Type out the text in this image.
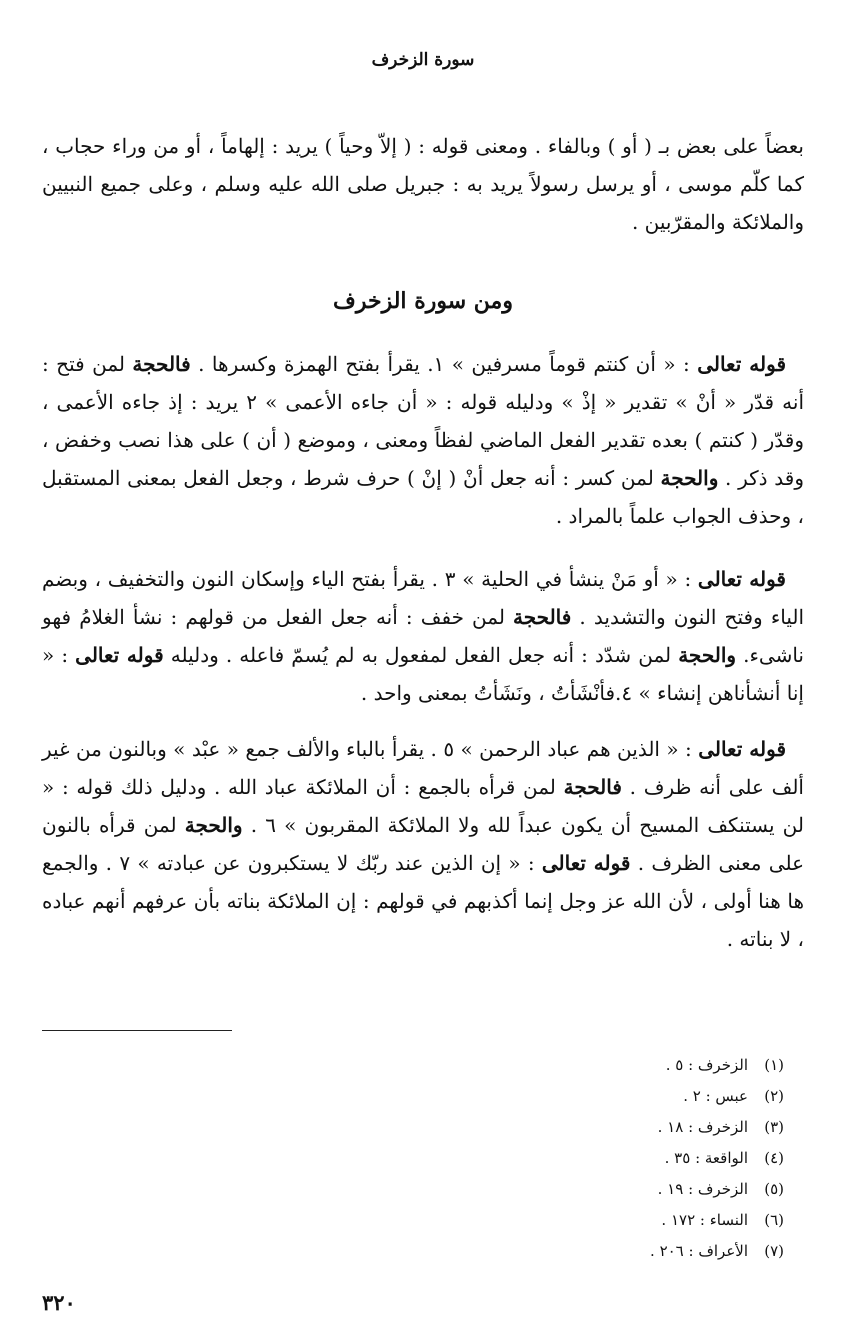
سورة الزخرف

بعضاً على بعض بـ ( أو ) وبالفاء . ومعنى قوله : ( إلاّ وحياً ) يريد : إلهاماً ، أو من وراء حجاب ، كما كلّم موسى ، أو يرسل رسولاً يريد به : جبريل صلى الله عليه وسلم ، وعلى جميع النبيين والملائكة والمقرّبين .

ومن سورة الزخرف

قوله تعالى : « أن كنتم قوماً مسرفين » ١. يقرأ بفتح الهمزة وكسرها . فالحجة لمن فتح : أنه قدّر « أنْ » تقدير « إذْ » ودليله قوله : « أن جاءه الأعمى » ٢ يريد : إذ جاءه الأعمى ، وقدّر ( كنتم ) بعده تقدير الفعل الماضي لفظاً ومعنى ، وموضع ( أن ) على هذا نصب وخفض ، وقد ذكر . والحجة لمن كسر : أنه جعل أنْ ( إنْ ) حرف شرط ، وجعل الفعل بمعنى المستقبل ، وحذف الجواب علماً بالمراد .

قوله تعالى : « أو مَنْ ينشأ في الحلية » ٣ . يقرأ بفتح الياء وإسكان النون والتخفيف ، وبضم الياء وفتح النون والتشديد . فالحجة لمن خفف : أنه جعل الفعل من قولهم : نشأ الغلامُ فهو ناشىء. والحجة لمن شدّد : أنه جعل الفعل لمفعول به لم يُسمّ فاعله . ودليله قوله تعالى : « إنا أنشأناهن إنشاء » ٤.فأنْشَأتُ ، ونَشَأتُ بمعنى واحد .

قوله تعالى : « الذين هم عباد الرحمن » ٥ . يقرأ بالباء والألف جمع « عبْد » وبالنون من غير ألف على أنه ظرف . فالحجة لمن قرأه بالجمع : أن الملائكة عباد الله . ودليل ذلك قوله : « لن يستنكف المسيح أن يكون عبداً لله ولا الملائكة المقربون » ٦ . والحجة لمن قرأه بالنون على معنى الظرف . قوله تعالى : « إن الذين عند ربّك لا يستكبرون عن عبادته » ٧ . والجمع ها هنا أولى ، لأن الله عز وجل إنما أكذبهم في قولهم : إن الملائكة بناته بأن عرفهم أنهم عباده ، لا بناته .

(١)الزخرف : ٥ .
(٢)عبس : ٢ .
(٣)الزخرف : ١٨ .
(٤)الواقعة : ٣٥ .
(٥)الزخرف : ١٩ .
(٦)النساء : ١٧٢ .
(٧)الأعراف : ٢٠٦ .
٣٢٠
